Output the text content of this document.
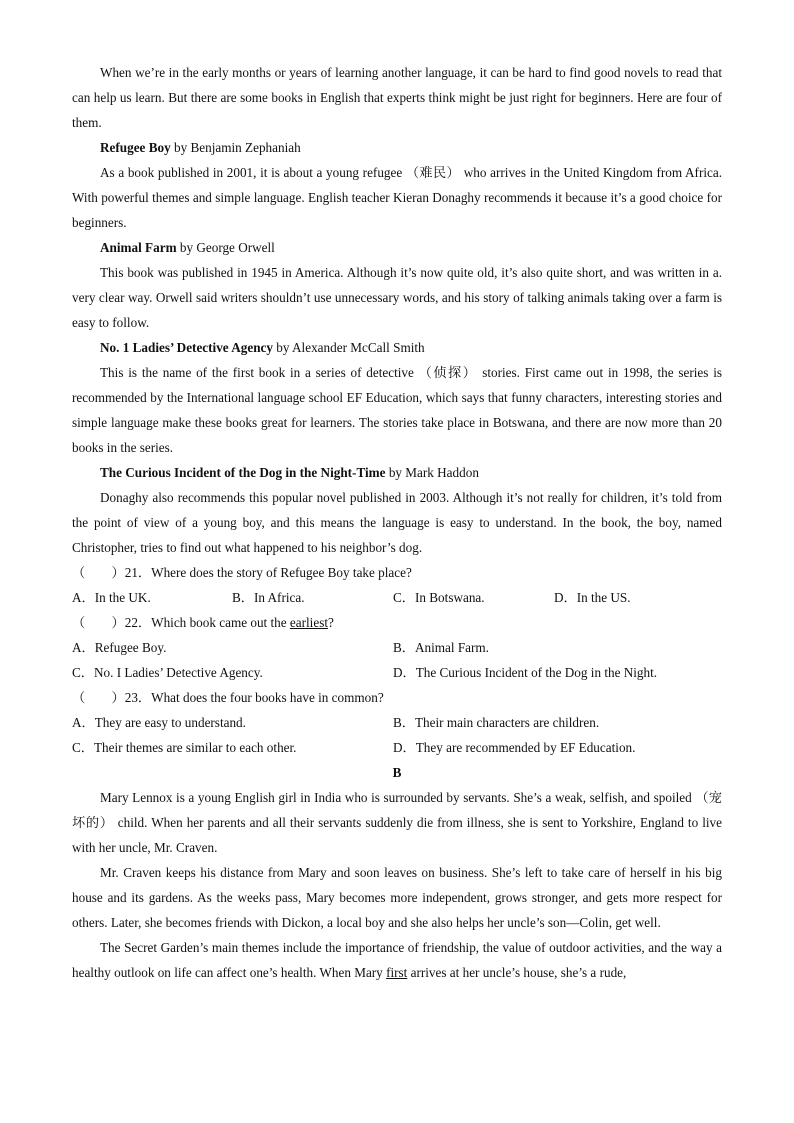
When we’re in the early months or years of learning another language, it can be hard to find good novels to read that can help us learn. But there are some books in English that experts think might be just right for beginners. Here are four of them.

Refugee Boy by Benjamin Zephaniah

As a book published in 2001, it is about a young refugee （难民） who arrives in the United Kingdom from Africa. With powerful themes and simple language. English teacher Kieran Donaghy recommends it because it’s a good choice for beginners.

Animal Farm by George Orwell

This book was published in 1945 in America. Although it’s now quite old, it’s also quite short, and was written in a. very clear way. Orwell said writers shouldn’t use unnecessary words, and his story of talking animals taking over a farm is easy to follow.

No. 1 Ladies’ Detective Agency by Alexander McCall Smith

This is the name of the first book in a series of detective （侦探） stories. First came out in 1998, the series is recommended by the International language school EF Education, which says that funny characters, interesting stories and simple language make these books great for learners. The stories take place in Botswana, and there are now more than 20 books in the series.

The Curious Incident of the Dog in the Night-Time by Mark Haddon

Donaghy also recommends this popular novel published in 2003. Although it’s not really for children, it’s told from the point of view of a young boy, and this means the language is easy to understand. In the book, the boy, named Christopher, tries to find out what happened to his neighbor’s dog.

（　　）21．Where does the story of Refugee Boy take place?
A．In the UK.	B．In Africa.	C．In Botswana.	D．In the US.
（　　）22．Which book came out the earliest?
A．Refugee Boy.	B．Animal Farm.
C．No. I Ladies’ Detective Agency.	D．The Curious Incident of the Dog in the Night.
（　　）23．What does the four books have in common?
A．They are easy to understand.	B．Their main characters are children.
C．Their themes are similar to each other.	D．They are recommended by EF Education.

B

Mary Lennox is a young English girl in India who is surrounded by servants. She’s a weak, selfish, and spoiled （宠坏的） child. When her parents and all their servants suddenly die from illness, she is sent to Yorkshire, England to live with her uncle, Mr. Craven.

Mr. Craven keeps his distance from Mary and soon leaves on business. She’s left to take care of herself in his big house and its gardens. As the weeks pass, Mary becomes more independent, grows stronger, and gets more respect for others. Later, she becomes friends with Dickon, a local boy and she also helps her uncle’s son—Colin, get well.

The Secret Garden’s main themes include the importance of friendship, the value of outdoor activities, and the way a healthy outlook on life can affect one’s health. When Mary first arrives at her uncle’s house, she’s a rude,
